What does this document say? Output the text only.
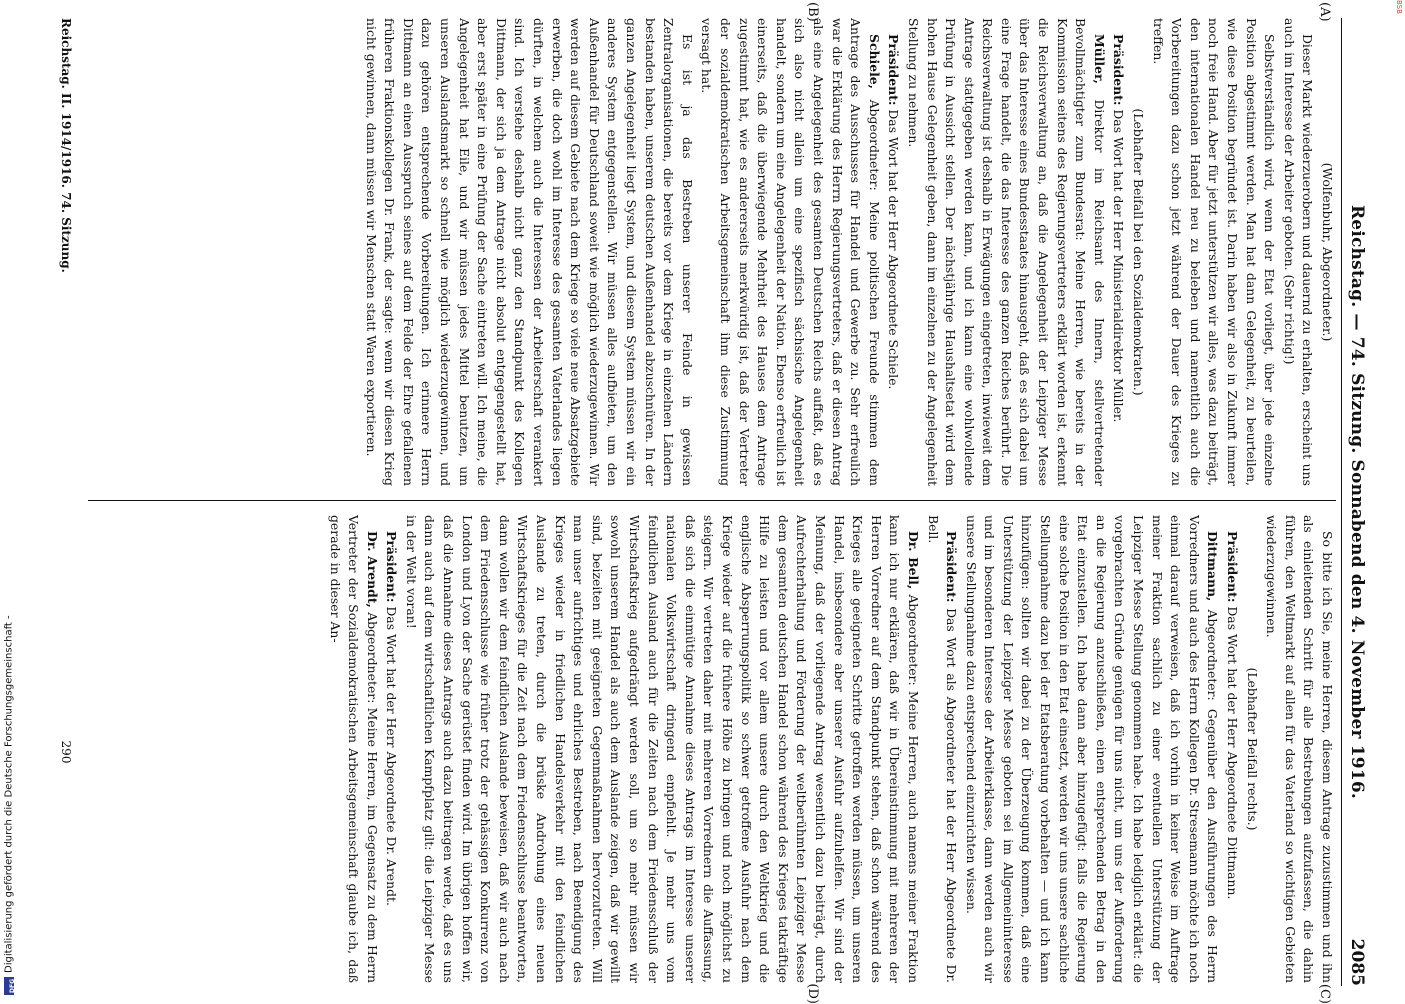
DFG
Digitalisierung gefördert durch die Deutsche Forschungsgemeinschaft -
BSB
Reichstag. — 74. Sitzung. Sonnabend den 4. November 1916.
2085
(A)
(B)
(C)
(D)

(Wolfenbuhr, Abgeordneter.)

Dieser Markt wiederzuerobern und dauernd zu erhalten, erscheint uns auch im Interesse der Arbeiter geboten. (Sehr richtig!)

Selbstverständlich wird, wenn der Etat vorliegt, über jede einzelne Position abgestimmt werden. Man hat dann Gelegenheit, zu beurteilen, wie diese Position begründet ist. Darin haben wir also in Zukunft immer noch freie Hand. Aber für jetzt unterstützen wir alles, was dazu beiträgt, den internationalen Handel neu zu beleben und namentlich auch die Vorbereitungen dazu schon jetzt während der Dauer des Krieges zu treffen.

(Lebhafter Beifall bei den Sozialdemokraten.)

Präsident: Das Wort hat der Herr Ministerialdirektor Müller.

Müller, Direktor im Reichsamt des Innern, stellvertretender Bevollmächtigter zum Bundesrat: Meine Herren, wie bereits in der Kommission seitens des Regierungsvertreters erklärt worden ist, erkennt die Reichsverwaltung an, daß die Angelegenheit der Leipziger Messe über das Interesse eines Bundesstaates hinausgeht, daß es sich dabei um eine Frage handelt, die das Interesse des ganzen Reiches berührt. Die Reichsverwaltung ist deshalb in Erwägungen eingetreten, inwieweit dem Antrage stattgegeben werden kann, und ich kann eine wohlwollende Prüfung in Aussicht stellen. Der nächstjährige Haushaltsetat wird dem hohen Hause Gelegenheit geben, dann im einzelnen zu der Angelegenheit Stellung zu nehmen.

Präsident: Das Wort hat der Herr Abgeordnete Schiele.

Schiele, Abgeordneter: Meine politischen Freunde stimmen dem Antrage des Ausschusses für Handel und Gewerbe zu. Sehr erfreulich war die Erklärung des Herrn Regierungsvertreters, daß er diesen Antrag als eine Angelegenheit des gesamten Deutschen Reichs auffaßt, daß es sich also nicht allein um eine spezifisch sächsische Angelegenheit handelt, sondern um eine Angelegenheit der Nation. Ebenso erfreulich ist einerseits, daß die überwiegende Mehrheit des Hauses dem Antrage zugestimmt hat, wie es andererseits merkwürdig ist, daß der Vertreter der sozialdemokratischen Arbeitsgemeinschaft ihm diese Zustimmung versagt hat.

Es ist ja das Bestreben unserer Feinde in gewissen Zentralorganisationen, die bereits vor dem Kriege in einzelnen Ländern bestanden haben, unserem deutschen Außenhandel abzuschnüren. In der ganzen Angelegenheit liegt System, und diesem System müssen wir ein anderes System entgegenstellen. Wir müssen alles aufbieten, um den Außenhandel für Deutschland soweit wie möglich wiederzugewinnen. Wir werden auf diesem Gebiete nach dem Kriege so viele neue Absatzgebiete erwerben, die doch wohl im Interesse des gesamten Vaterlandes liegen dürften, in welchem auch die Interessen der Arbeiterschaft verankert sind. Ich verstehe deshalb nicht ganz den Standpunkt des Kollegen Dittmann, der sich ja dem Antrage nicht absolut entgegengestellt hat, aber erst später in eine Prüfung der Sache eintreten will. Ich meine, die Angelegenheit hat Eile, und wir müssen jedes Mittel benutzen, um unseren Auslandsmarkt so schnell wie möglich wiederzugewinnen, und dazu gehören entsprechende Vorbereitungen. Ich erinnere Herrn Dittmann an einen Ausspruch seines auf dem Felde der Ehre gefallenen früheren Fraktionskollegen Dr. Frank, der sagte: wenn wir diesen Krieg nicht gewinnen, dann müssen wir Menschen statt Waren exportieren.

So bitte ich Sie, meine Herren, diesem Antrage zuzustimmen und ihn als einleitenden Schritt für alle Bestrebungen aufzufassen, die dahin führen, den Weltmarkt auf allen für das Vaterland so wichtigen Gebieten wiederzugewinnen.

(Lebhafter Beifall rechts.)

Präsident: Das Wort hat der Herr Abgeordnete Dittmann.

Dittmann, Abgeordneter: Gegenüber den Ausführungen des Herrn Vorredners und auch des Herrn Kollegen Dr. Stresemann möchte ich noch einmal darauf verweisen, daß ich vorhin in keiner Weise im Auftrage meiner Fraktion sachlich zu einer eventuellen Unterstützung der Leipziger Messe Stellung genommen habe. Ich habe lediglich erklärt: die vorgebrachten Gründe genügen für uns nicht, um uns der Aufforderung an die Regierung anzuschließen, einen entsprechenden Betrag in den Etat einzustellen. Ich habe dann aber hinzugefügt: falls die Regierung eine solche Position in den Etat einsetzt, werden wir uns unsere sachliche Stellungnahme dazu bei der Etatsberatung vorbehalten — und ich kann hinzufügen: sollten wir dabei zu der Überzeugung kommen, daß eine Unterstützung der Leipziger Messe geboten sei im Allgemeininteresse und im besonderen Interesse der Arbeiterklasse, dann werden auch wir unsere Stellungnahme dazu entsprechend einzurichten wissen.

Präsident: Das Wort als Abgeordneter hat der Herr Abgeordnete Dr. Bell.

Dr. Bell, Abgeordneter: Meine Herren, auch namens meiner Fraktion kann ich nur erklären, daß wir in Übereinstimmung mit mehreren der Herren Vorredner auf dem Standpunkt stehen, daß schon während des Krieges alle geeigneten Schritte getroffen werden müssen, um unseren Handel, insbesondere aber unserer Ausfuhr aufzuhelfen. Wir sind der Meinung, daß der vorliegende Antrag wesentlich dazu beiträgt, durch Aufrechterhaltung und Förderung der weltberühmten Leipziger Messe dem gesamten deutschen Handel schon während des Krieges tatkräftige Hilfe zu leisten und vor allem unsere durch den Weltkrieg und die englische Absperrungspolitik so schwer getroffene Ausfuhr nach dem Kriege wieder auf die frühere Höhe zu bringen und noch möglichst zu steigern. Wir vertreten daher mit mehreren Vorrednern die Auffassung, daß sich die einmütige Annahme dieses Antrags im Interesse unserer nationalen Volkswirtschaft dringend empfiehlt. Je mehr uns vom feindlichen Ausland auch für die Zeiten nach dem Friedensschluß der Wirtschaftskrieg aufgedrängt werden soll, um so mehr müssen wir sowohl unserem Handel als auch dem Auslande zeigen, daß wir gewillt sind, beizeiten mit geeigneten Gegenmaßnahmen hervorzutreten. Will man unser aufrichtiges und ehrliches Bestreben, nach Beendigung des Krieges wieder in friedlichen Handelsverkehr mit den feindlichen Auslande zu treten, durch die brüske Androhung eines neuen Wirtschaftskrieges für die Zeit nach dem Friedensschlusse beantworten, dann wollen wir dem feindlichen Auslande beweisen, daß wir auch nach dem Friedensschlusse wie früher trotz der gehässigen Konkurrenz von London und Lyon der Sache gerüstet finden wird. Im übrigen hoffen wir, daß die Annahme dieses Antrags auch dazu beitragen werde, daß es uns dann auch auf dem wirtschaftlichen Kampfplatz gilt: die Leipziger Messe in der Welt voran!

Präsident: Das Wort hat der Herr Abgeordnete Dr. Arendt.

Dr. Arendt, Abgeordneter: Meine Herren, im Gegensatz zu dem Herrn Vertreter der Sozialdemokratischen Arbeitsgemeinschaft glaube ich, daß gerade in dieser An-

Reichstag. II. 1914/1916. 74. Sitzung.
290
